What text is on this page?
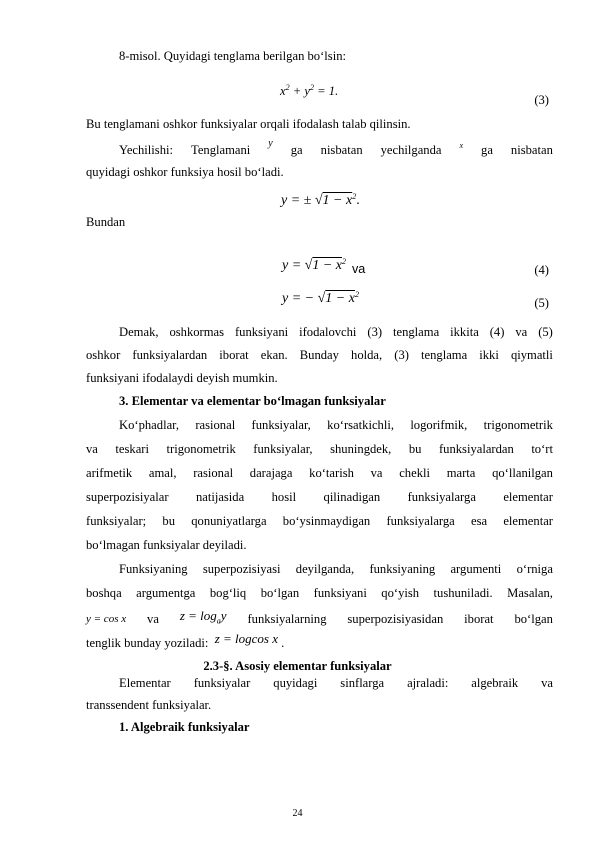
8-misol. Quyidagi tenglama berilgan bo‘lsin:
$x^2 + y^2 = 1$.
(3)
Bu tenglamani oshkor funksiyalar orqali ifodalash talab qilinsin.
Yechilishi: Tenglamani y ga nisbatan yechilganda x ga nisbatan
quyidagi oshkor funksiya hosil bo‘ladi.
y = ± $√1 - x^2$.
Bundan
$y = √1 - x^2$
va	(4)
y = − $√1 - x^2$
(5)
Demak, oshkormas funksiyani ifodalovchi (3) tenglama ikkita (4) va (5)
oshkor funksiyalardan iborat ekan. Bunday holda, (3) tenglama ikki qiymatli
funksiyani ifodalaydi deyish mumkin.
3. Elementar va elementar bo‘lmagan funksiyalar
Ko‘phadlar, rasional funksiyalar, ko‘rsatkichli, logorifmik, trigonometrik
va teskari trigonometrik funksiyalar, shuningdek, bu funksiyalardan to‘rt
arifmetik amal, rasional darajaga ko‘tarish va chekli marta qo‘llanilgan
superpozisiyalar natijasida hosil qilinadigan funksiyalarga elementar
funksiyalar; bu qonuniyatlarga bo‘ysinmaydigan funksiyalarga esa elementar
bo‘lmagan funksiyalar deyiladi.
Funksiyaning superpozisiyasi deyilganda, funksiyaning argumenti o‘rniga
boshqa argumentga bog‘liq bo‘lgan funksiyani qo‘yish tushuniladi. Masalan,
y = cos x va $z = \log_ay$ funksiyalarning superpozisiyasidan iborat bo‘lgan
tenglik bunday yoziladi: z = logcos x .
2.3-§. Asosiy elementar funksiyalar
Elementar funksiyalar quyidagi sinflarga ajraladi: algebraik va
transsendent funksiyalar.
1. Algebraik funksiyalar
24
